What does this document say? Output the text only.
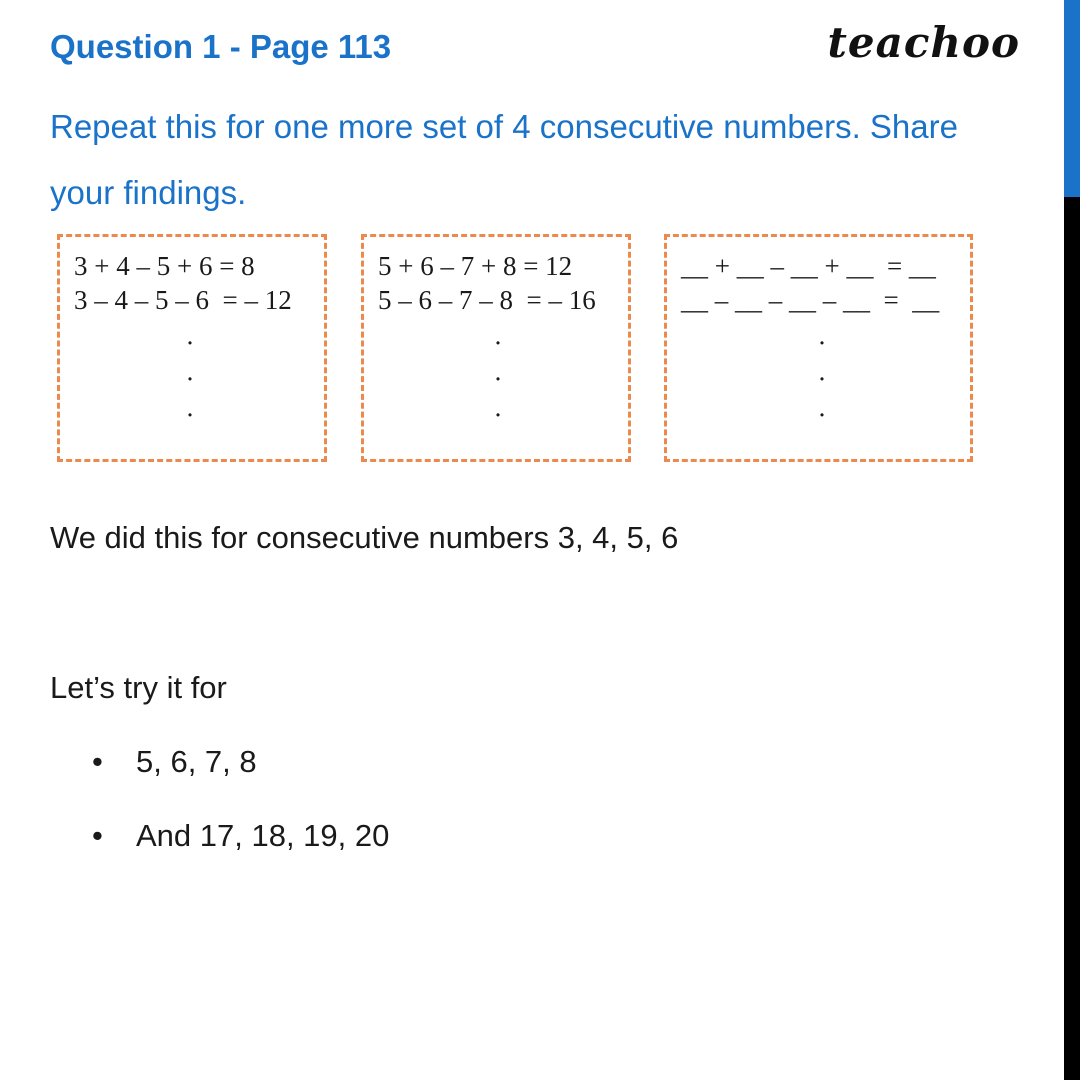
Question 1 - Page 113	teachoo
Repeat this for one more set of 4 consecutive numbers. Share your findings.
3 + 4 – 5 + 6 = 8
3 – 4 – 5 – 6  = – 12
·
·
·
5 + 6 – 7 + 8 = 12
5 – 6 – 7 – 8  = – 16
·
·
·
__ + __ – __ + __  = __
__ – __ – __ – __  =  __
·
·
·
We did this for consecutive numbers 3, 4, 5, 6
Let’s try it for
• 5, 6, 7, 8
• And 17, 18, 19, 20
